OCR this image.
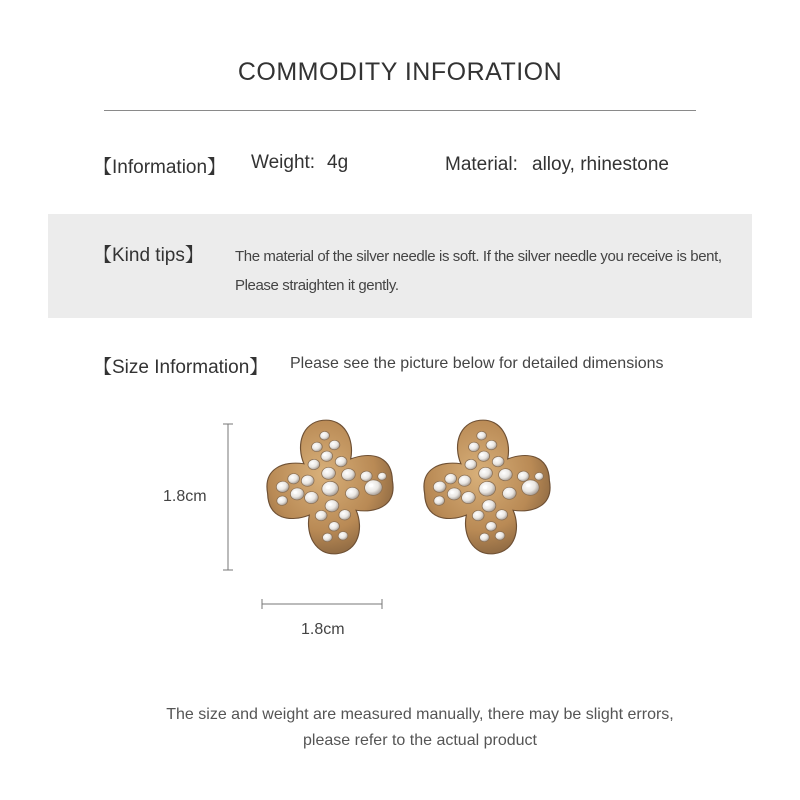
COMMODITY INFORATION
【Information】 Weight: 4g	Material: alloy, rhinestone
【Kind tips】 The material of the silver needle is soft. If the silver needle you receive is bent,
Please straighten it gently.
【Size Information】 Please see the picture below for detailed dimensions
1.8cm
1.8cm
The size and weight are measured manually, there may be slight errors,
please refer to the actual product
